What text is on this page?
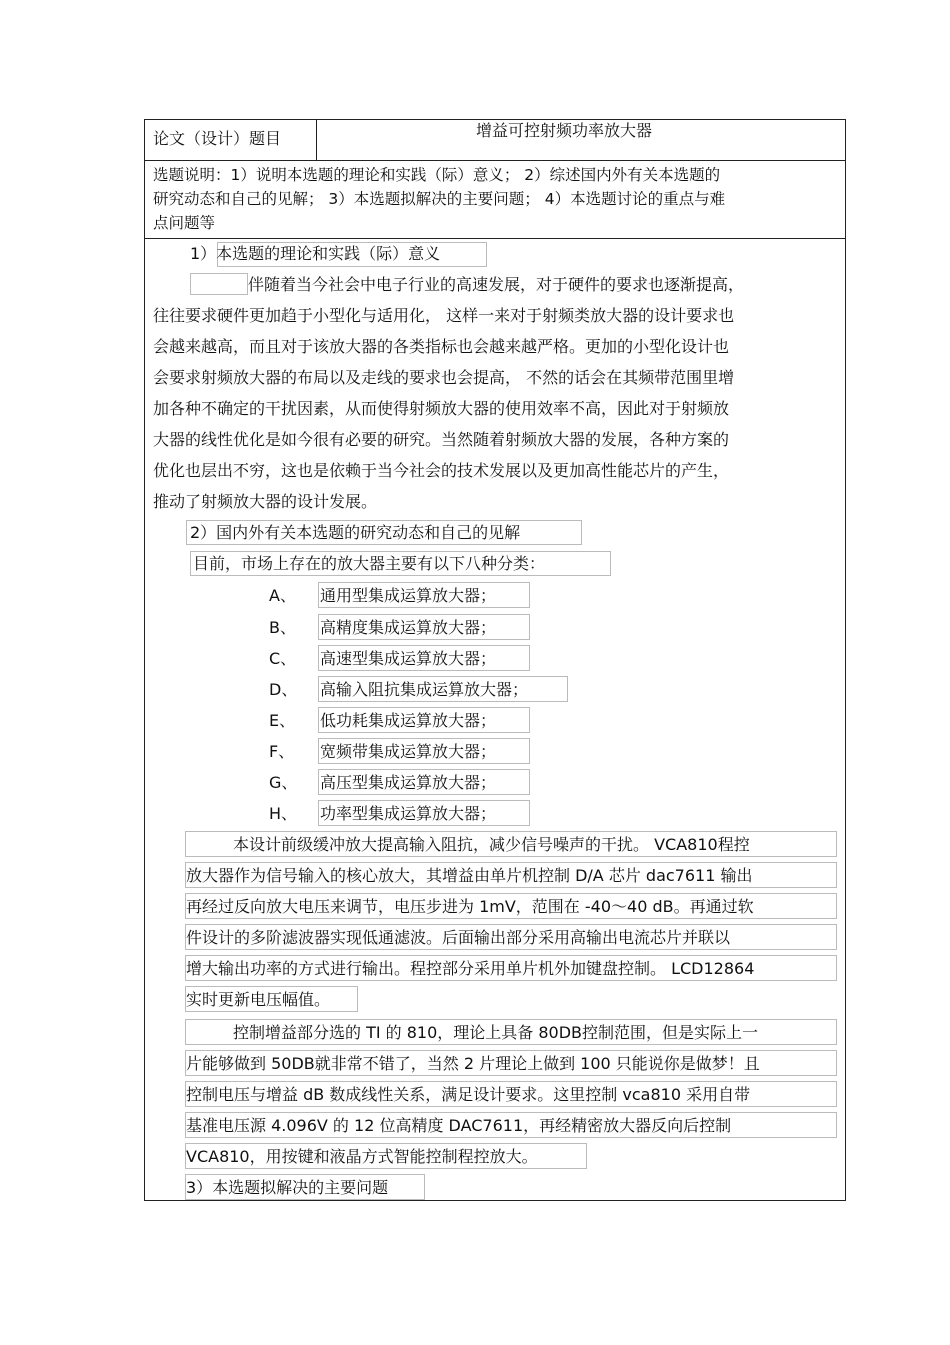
论文（设计）题目	增益可控射频功率放大器
选题说明：1）说明本选题的理论和实践（际）意义； 2）综述国内外有关本选题的
研究动态和自己的见解； 3）本选题拟解决的主要问题； 4）本选题讨论的重点与难
点问题等
1）本选题的理论和实践（际）意义
伴随着当今社会中电子行业的高速发展，对于硬件的要求也逐渐提高，
往往要求硬件更加趋于小型化与适用化， 这样一来对于射频类放大器的设计要求也
会越来越高，而且对于该放大器的各类指标也会越来越严格。更加的小型化设计也
会要求射频放大器的布局以及走线的要求也会提高， 不然的话会在其频带范围里增
加各种不确定的干扰因素，从而使得射频放大器的使用效率不高，因此对于射频放
大器的线性优化是如今很有必要的研究。当然随着射频放大器的发展，各种方案的
优化也层出不穷，这也是依赖于当今社会的技术发展以及更加高性能芯片的产生，
推动了射频放大器的设计发展。
2）国内外有关本选题的研究动态和自己的见解
目前，市场上存在的放大器主要有以下八种分类：
A、 通用型集成运算放大器；
B、 高精度集成运算放大器；
C、 高速型集成运算放大器；
D、 高输入阻抗集成运算放大器；
E、 低功耗集成运算放大器；
F、 宽频带集成运算放大器；
G、 高压型集成运算放大器；
H、 功率型集成运算放大器；
本设计前级缓冲放大提高输入阻抗，减少信号噪声的干扰。 VCA810程控
放大器作为信号输入的核心放大，其增益由单片机控制 D/A 芯片 dac7611 输出
再经过反向放大电压来调节，电压步进为 1mV，范围在 -40～40 dB。再通过软
件设计的多阶滤波器实现低通滤波。后面输出部分采用高输出电流芯片并联以
增大输出功率的方式进行输出。程控部分采用单片机外加键盘控制。 LCD12864
实时更新电压幅值。
控制增益部分选的 TI 的 810，理论上具备 80DB控制范围，但是实际上一
片能够做到 50DB就非常不错了，当然 2 片理论上做到 100 只能说你是做梦！且
控制电压与增益 dB 数成线性关系，满足设计要求。这里控制 vca810 采用自带
基准电压源 4.096V 的 12 位高精度 DAC7611，再经精密放大器反向后控制
VCA810，用按键和液晶方式智能控制程控放大。
3）本选题拟解决的主要问题
